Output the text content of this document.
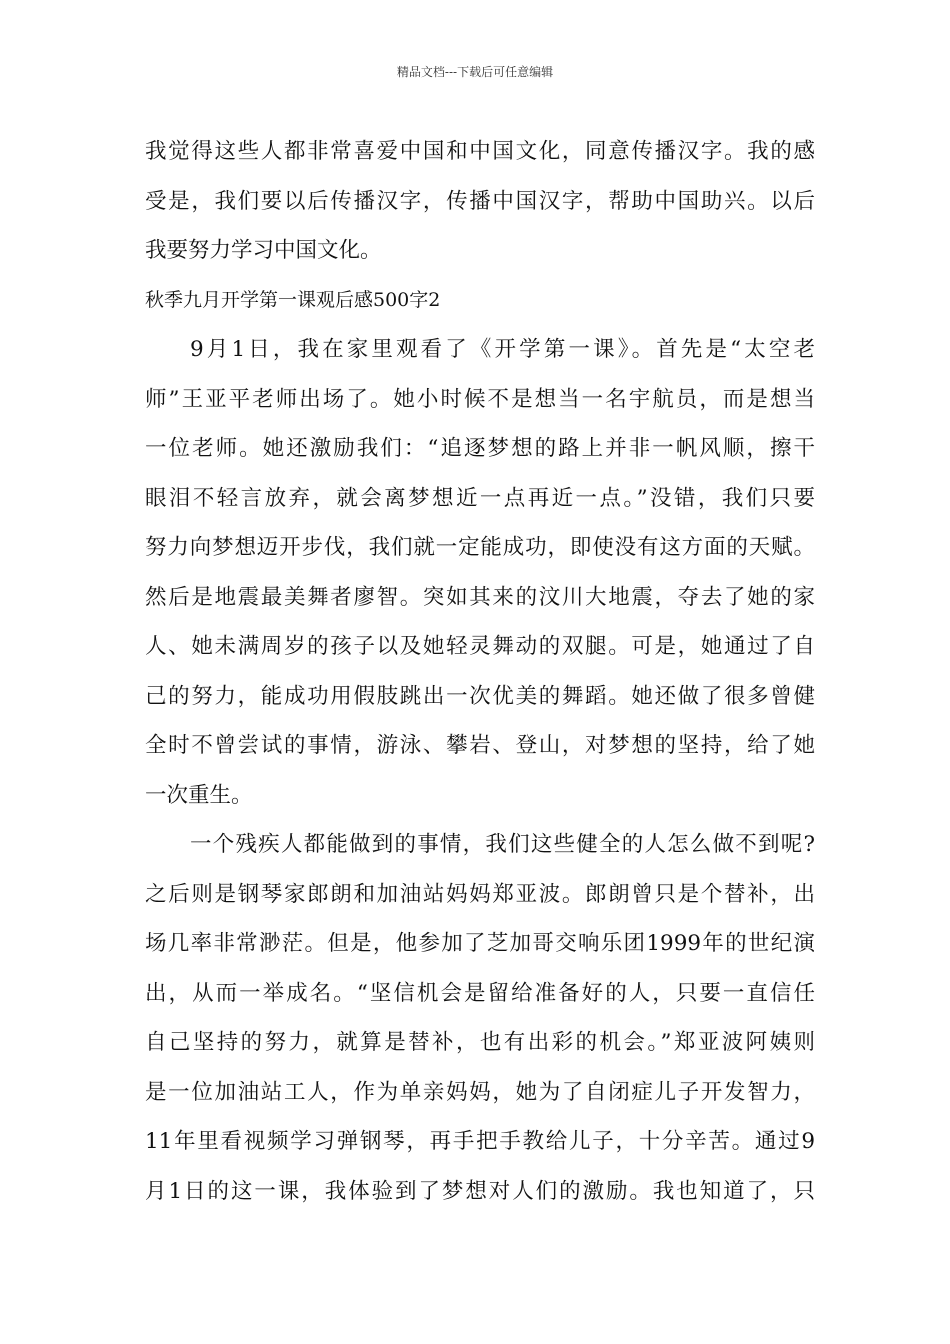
精品文档---下载后可任意编辑
我觉得这些人都非常喜爱中国和中国文化，同意传播汉字。我的感
受是，我们要以后传播汉字，传播中国汉字，帮助中国助兴。以后
我要努力学习中国文化。
秋季九月开学第一课观后感500字2
9月1日，我在家里观看了《开学第一课》。首先是“太空老
师”王亚平老师出场了。她小时候不是想当一名宇航员，而是想当
一位老师。她还激励我们：“追逐梦想的路上并非一帆风顺，擦干
眼泪不轻言放弃，就会离梦想近一点再近一点。”没错，我们只要
努力向梦想迈开步伐，我们就一定能成功，即使没有这方面的天赋。
然后是地震最美舞者廖智。突如其来的汶川大地震，夺去了她的家
人、她未满周岁的孩子以及她轻灵舞动的双腿。可是，她通过了自
己的努力，能成功用假肢跳出一次优美的舞蹈。她还做了很多曾健
全时不曾尝试的事情，游泳、攀岩、登山，对梦想的坚持，给了她
一次重生。
一个残疾人都能做到的事情，我们这些健全的人怎么做不到呢?
之后则是钢琴家郎朗和加油站妈妈郑亚波。郎朗曾只是个替补，出
场几率非常渺茫。但是，他参加了芝加哥交响乐团1999年的世纪演
出，从而一举成名。“坚信机会是留给准备好的人，只要一直信任
自己坚持的努力，就算是替补，也有出彩的机会。”郑亚波阿姨则
是一位加油站工人，作为单亲妈妈，她为了自闭症儿子开发智力，
11年里看视频学习弹钢琴，再手把手教给儿子，十分辛苦。通过9
月1日的这一课，我体验到了梦想对人们的激励。我也知道了，只
